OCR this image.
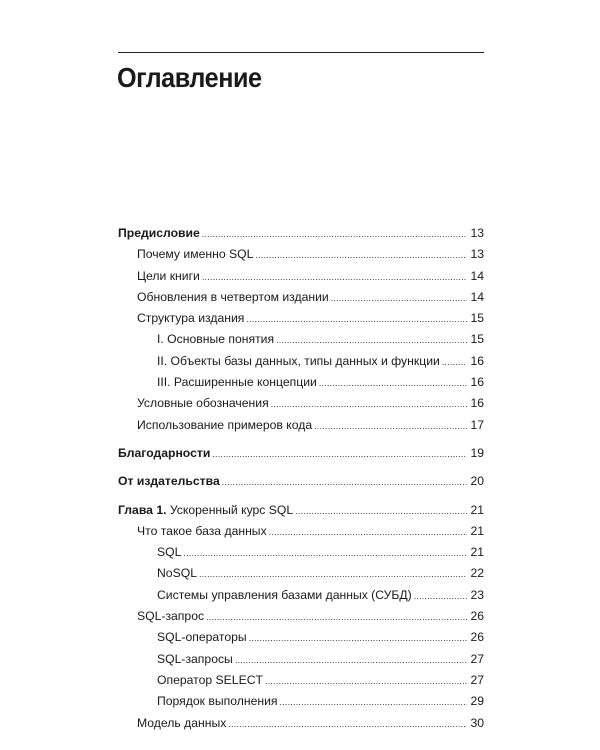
Оглавление
Предисловие .....	13
Почему именно SQL .....	13
Цели книги .....	14
Обновления в четвертом издании .....	14
Структура издания .....	15
I. Основные понятия .....	15
II. Объекты базы данных, типы данных и функции .....	16
III. Расширенные концепции .....	16
Условные обозначения .....	16
Использование примеров кода .....	17
Благодарности .....	19
От издательства .....	20
Глава 1. Ускоренный курс SQL .....	21
Что такое база данных .....	21
SQL .....	21
NoSQL .....	22
Системы управления базами данных (СУБД) .....	23
SQL-запрос .....	26
SQL-операторы .....	26
SQL-запросы .....	27
Оператор SELECT .....	27
Порядок выполнения .....	29
Модель данных .....	30
